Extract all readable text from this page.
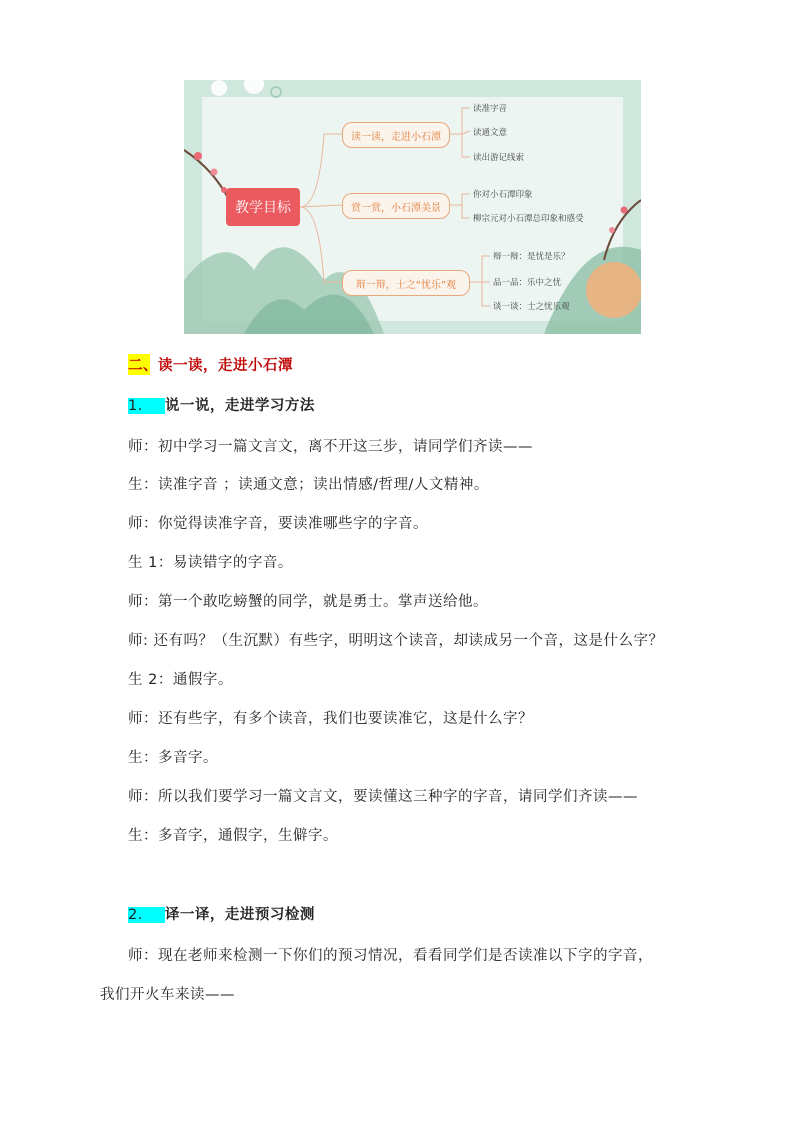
教学目标
读一读，走进小石潭
赏一赏，小石潭美景
辩一辩，士之“忧乐”观
读准字音
读通文意
读出游记线索
你对小石潭印象
柳宗元对小石潭总印象和感受
辩一辩：是忧是乐？
品一品：乐中之忧
谈一谈：士之忧乐观
二、读一读，走进小石潭
1. 说一说，走进学习方法
师：初中学习一篇文言文，离不开这三步，请同学们齐读——
生：读准字音 ；读通文意；读出情感/哲理/人文精神。
师：你觉得读准字音，要读准哪些字的字音。
生 1：易读错字的字音。
师：第一个敢吃螃蟹的同学，就是勇士。掌声送给他。
师: 还有吗？（生沉默）有些字，明明这个读音，却读成另一个音，这是什么字？
生 2：通假字。
师：还有些字，有多个读音，我们也要读准它，这是什么字？
生：多音字。
师：所以我们要学习一篇文言文，要读懂这三种字的字音，请同学们齐读——
生：多音字，通假字，生僻字。
2. 译一译，走进预习检测
师：现在老师来检测一下你们的预习情况，看看同学们是否读准以下字的字音，
我们开火车来读——
